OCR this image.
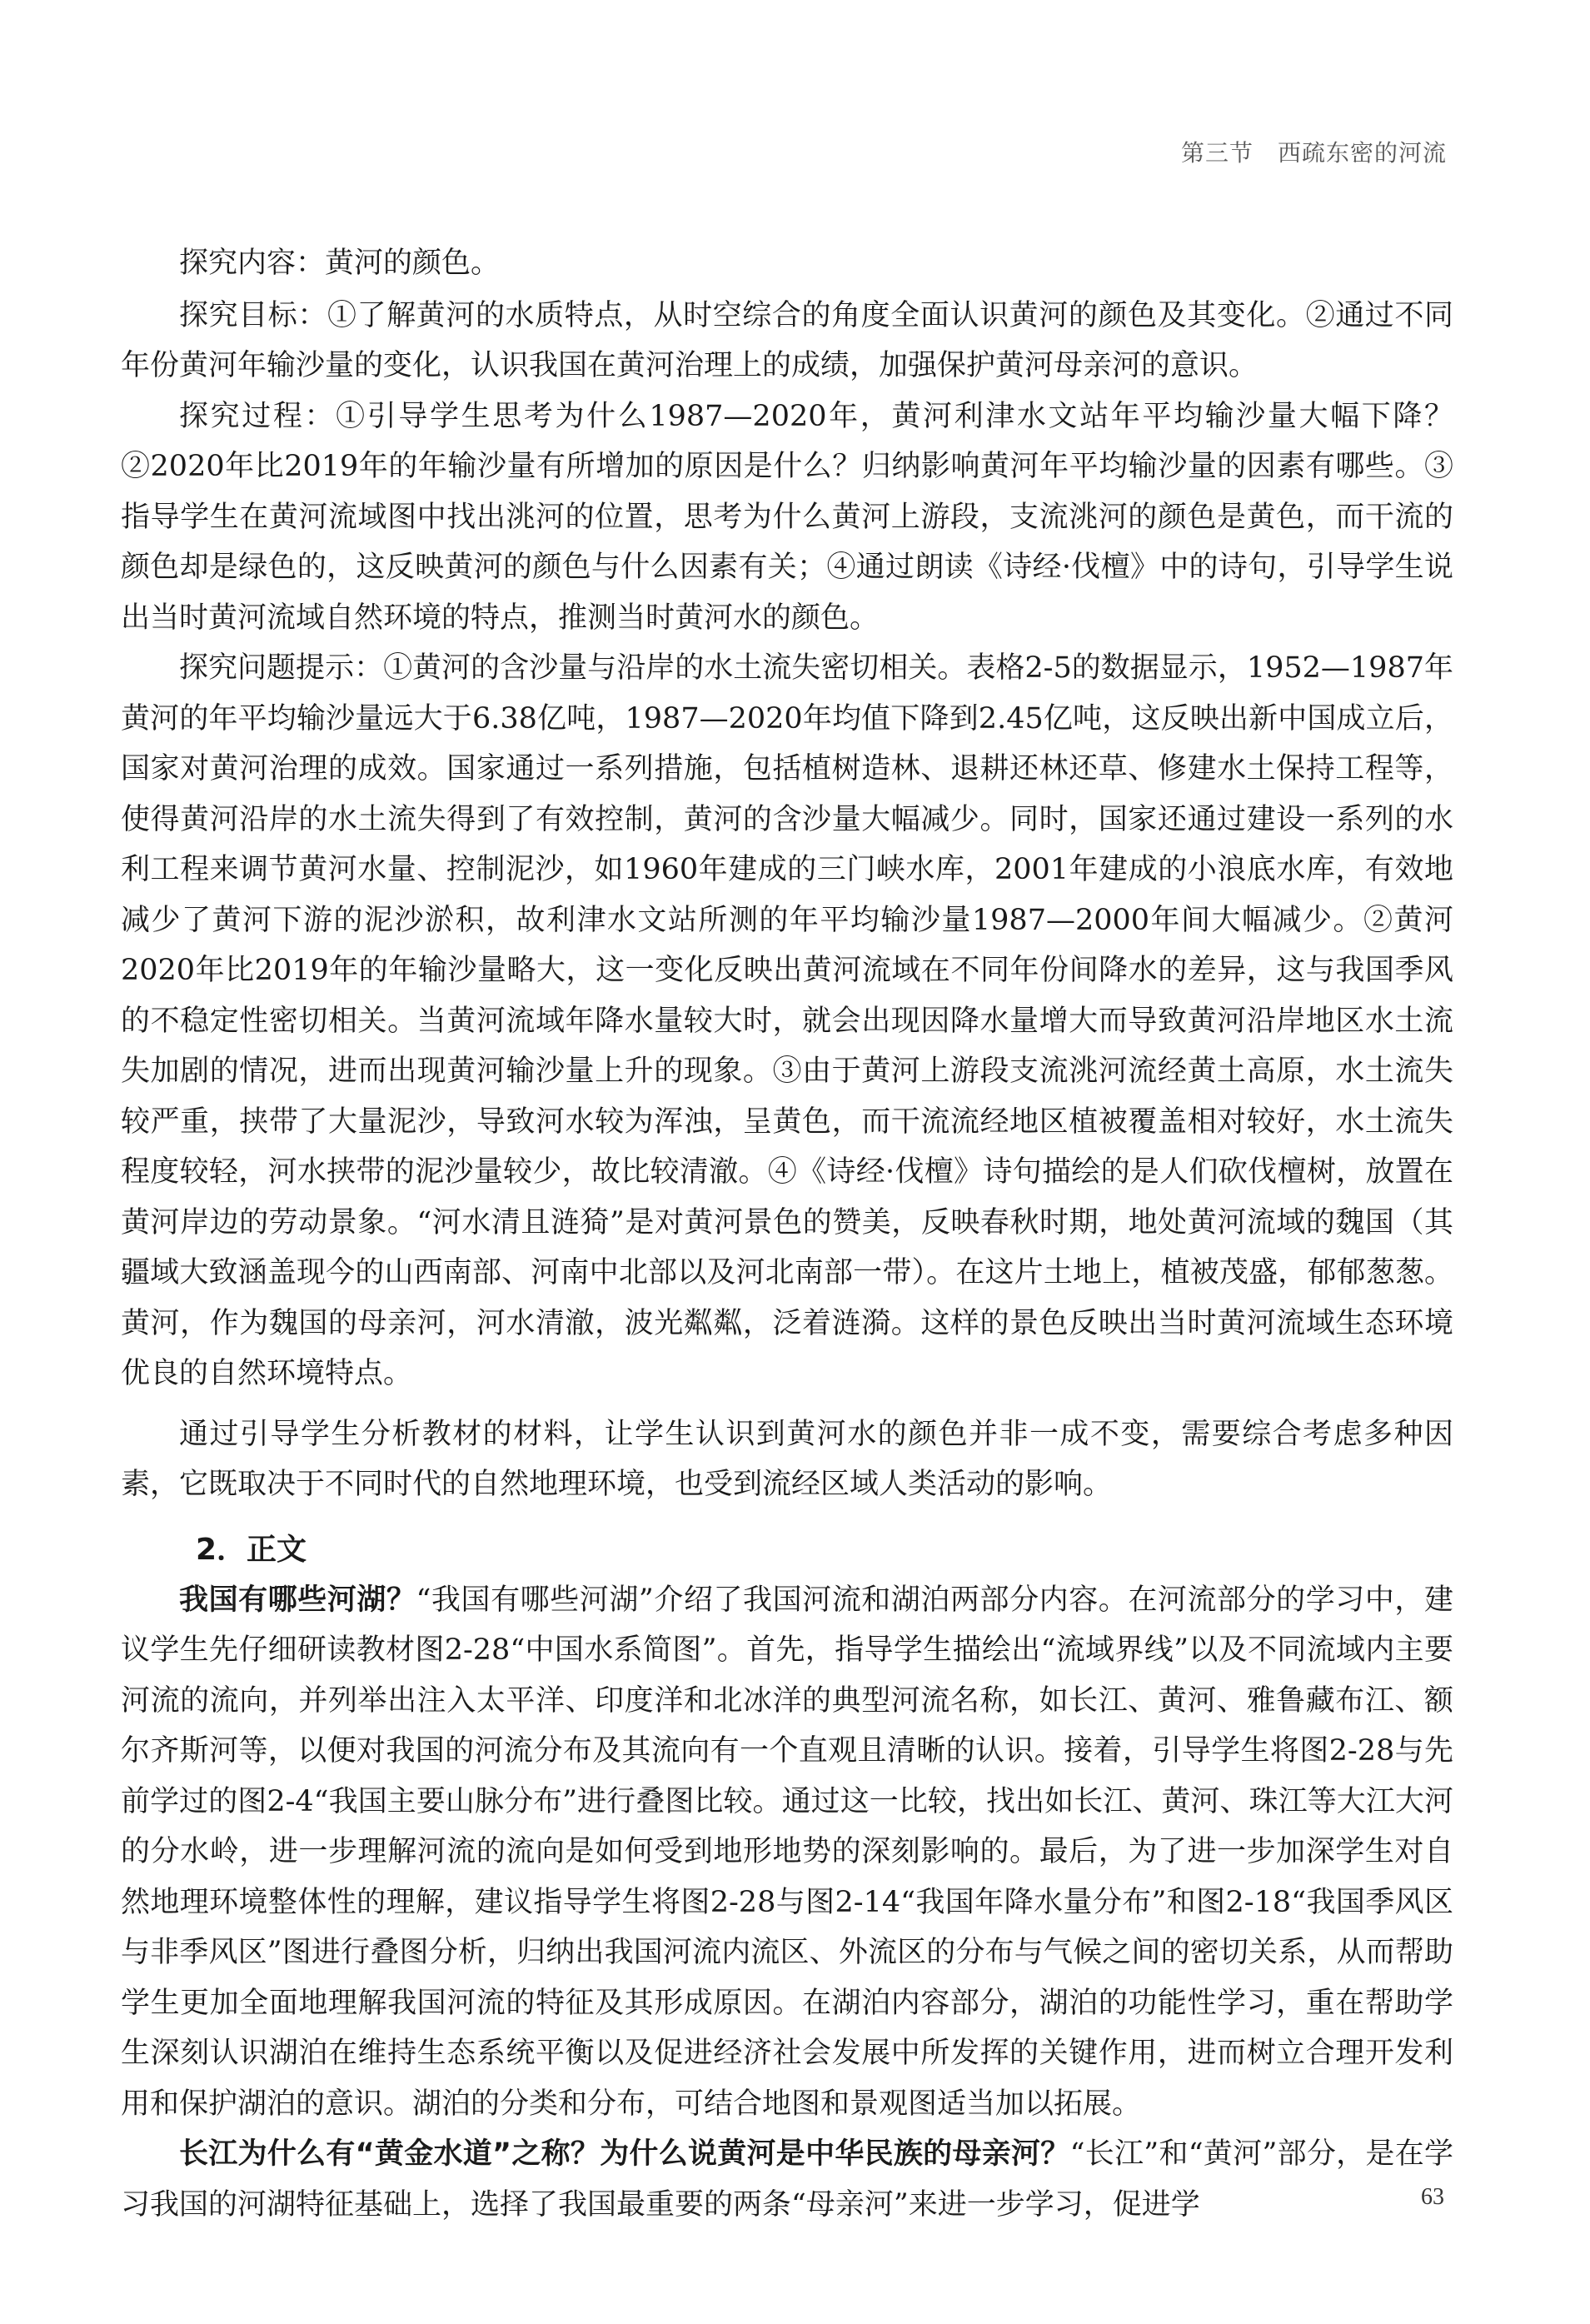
第三节　西疏东密的河流

探究内容：黄河的颜色。

探究目标：①了解黄河的水质特点，从时空综合的角度全面认识黄河的颜色及其变化。②通过不同年份黄河年输沙量的变化，认识我国在黄河治理上的成绩，加强保护黄河母亲河的意识。

探究过程：①引导学生思考为什么1987—2020年，黄河利津水文站年平均输沙量大幅下降？②2020年比2019年的年输沙量有所增加的原因是什么？归纳影响黄河年平均输沙量的因素有哪些。③指导学生在黄河流域图中找出洮河的位置，思考为什么黄河上游段，支流洮河的颜色是黄色，而干流的颜色却是绿色的，这反映黄河的颜色与什么因素有关；④通过朗读《诗经·伐檀》中的诗句，引导学生说出当时黄河流域自然环境的特点，推测当时黄河水的颜色。

探究问题提示：①黄河的含沙量与沿岸的水土流失密切相关。表格2-5的数据显示，1952—1987年黄河的年平均输沙量远大于6.38亿吨，1987—2020年均值下降到2.45亿吨，这反映出新中国成立后，国家对黄河治理的成效。国家通过一系列措施，包括植树造林、退耕还林还草、修建水土保持工程等，使得黄河沿岸的水土流失得到了有效控制，黄河的含沙量大幅减少。同时，国家还通过建设一系列的水利工程来调节黄河水量、控制泥沙，如1960年建成的三门峡水库，2001年建成的小浪底水库，有效地减少了黄河下游的泥沙淤积，故利津水文站所测的年平均输沙量1987—2000年间大幅减少。②黄河2020年比2019年的年输沙量略大，这一变化反映出黄河流域在不同年份间降水的差异，这与我国季风的不稳定性密切相关。当黄河流域年降水量较大时，就会出现因降水量增大而导致黄河沿岸地区水土流失加剧的情况，进而出现黄河输沙量上升的现象。③由于黄河上游段支流洮河流经黄土高原，水土流失较严重，挟带了大量泥沙，导致河水较为浑浊，呈黄色，而干流流经地区植被覆盖相对较好，水土流失程度较轻，河水挟带的泥沙量较少，故比较清澈。④《诗经·伐檀》诗句描绘的是人们砍伐檀树，放置在黄河岸边的劳动景象。“河水清且涟猗”是对黄河景色的赞美，反映春秋时期，地处黄河流域的魏国（其疆域大致涵盖现今的山西南部、河南中北部以及河北南部一带）。在这片土地上，植被茂盛，郁郁葱葱。黄河，作为魏国的母亲河，河水清澈，波光粼粼，泛着涟漪。这样的景色反映出当时黄河流域生态环境优良的自然环境特点。

通过引导学生分析教材的材料，让学生认识到黄河水的颜色并非一成不变，需要综合考虑多种因素，它既取决于不同时代的自然地理环境，也受到流经区域人类活动的影响。

2．正文

我国有哪些河湖？“我国有哪些河湖”介绍了我国河流和湖泊两部分内容。在河流部分的学习中，建议学生先仔细研读教材图2-28“中国水系简图”。首先，指导学生描绘出“流域界线”以及不同流域内主要河流的流向，并列举出注入太平洋、印度洋和北冰洋的典型河流名称，如长江、黄河、雅鲁藏布江、额尔齐斯河等，以便对我国的河流分布及其流向有一个直观且清晰的认识。接着，引导学生将图2-28与先前学过的图2-4“我国主要山脉分布”进行叠图比较。通过这一比较，找出如长江、黄河、珠江等大江大河的分水岭，进一步理解河流的流向是如何受到地形地势的深刻影响的。最后，为了进一步加深学生对自然地理环境整体性的理解，建议指导学生将图2-28与图2-14“我国年降水量分布”和图2-18“我国季风区与非季风区”图进行叠图分析，归纳出我国河流内流区、外流区的分布与气候之间的密切关系，从而帮助学生更加全面地理解我国河流的特征及其形成原因。在湖泊内容部分，湖泊的功能性学习，重在帮助学生深刻认识湖泊在维持生态系统平衡以及促进经济社会发展中所发挥的关键作用，进而树立合理开发利用和保护湖泊的意识。湖泊的分类和分布，可结合地图和景观图适当加以拓展。

长江为什么有“黄金水道”之称？为什么说黄河是中华民族的母亲河？“长江”和“黄河”部分，是在学习我国的河湖特征基础上，选择了我国最重要的两条“母亲河”来进一步学习，促进学	63
